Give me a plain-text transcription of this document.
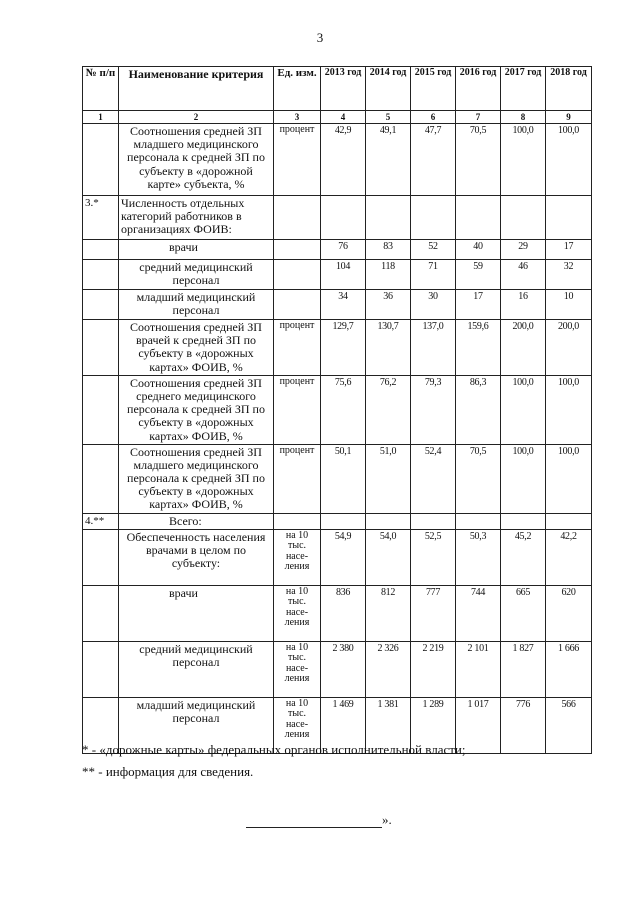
3
№ п/п	Наименование критерия	Ед. изм.	2013 год	2014 год	2015 год	2016 год	2017 год	2018 год
1	2	3	4	5	6	7	8	9
	Соотношения средней ЗП младшего медицинского персонала к средней ЗП по субъекту в «дорожной карте» субъекта, %	процент	42,9	49,1	47,7	70,5	100,0	100,0
3.*	Численность отдельных категорий работников в организациях ФОИВ:							
	врачи		76	83	52	40	29	17
	средний медицинский персонал		104	118	71	59	46	32
	младший медицинский персонал		34	36	30	17	16	10
	Соотношения средней ЗП врачей к средней ЗП по субъекту в «дорожных картах» ФОИВ, %	процент	129,7	130,7	137,0	159,6	200,0	200,0
	Соотношения средней ЗП среднего медицинского персонала к средней ЗП по субъекту в «дорожных картах» ФОИВ, %	процент	75,6	76,2	79,3	86,3	100,0	100,0
	Соотношения средней ЗП младшего медицинского персонала к средней ЗП по субъекту в «дорожных картах» ФОИВ, %	процент	50,1	51,0	52,4	70,5	100,0	100,0
4.**	Всего:							
	Обеспеченность населения врачами в целом по субъекту:	на 10 тыс. насе-ления	54,9	54,0	52,5	50,3	45,2	42,2
	врачи	на 10 тыс. насе-ления	836	812	777	744	665	620
	средний медицинский персонал	на 10 тыс. насе-ления	2 380	2 326	2 219	2 101	1 827	1 666
	младший медицинский персонал	на 10 тыс. насе-ления	1 469	1 381	1 289	1 017	776	566
* - «дорожные карты» федеральных органов исполнительной власти;
** - информация для сведения.
».
